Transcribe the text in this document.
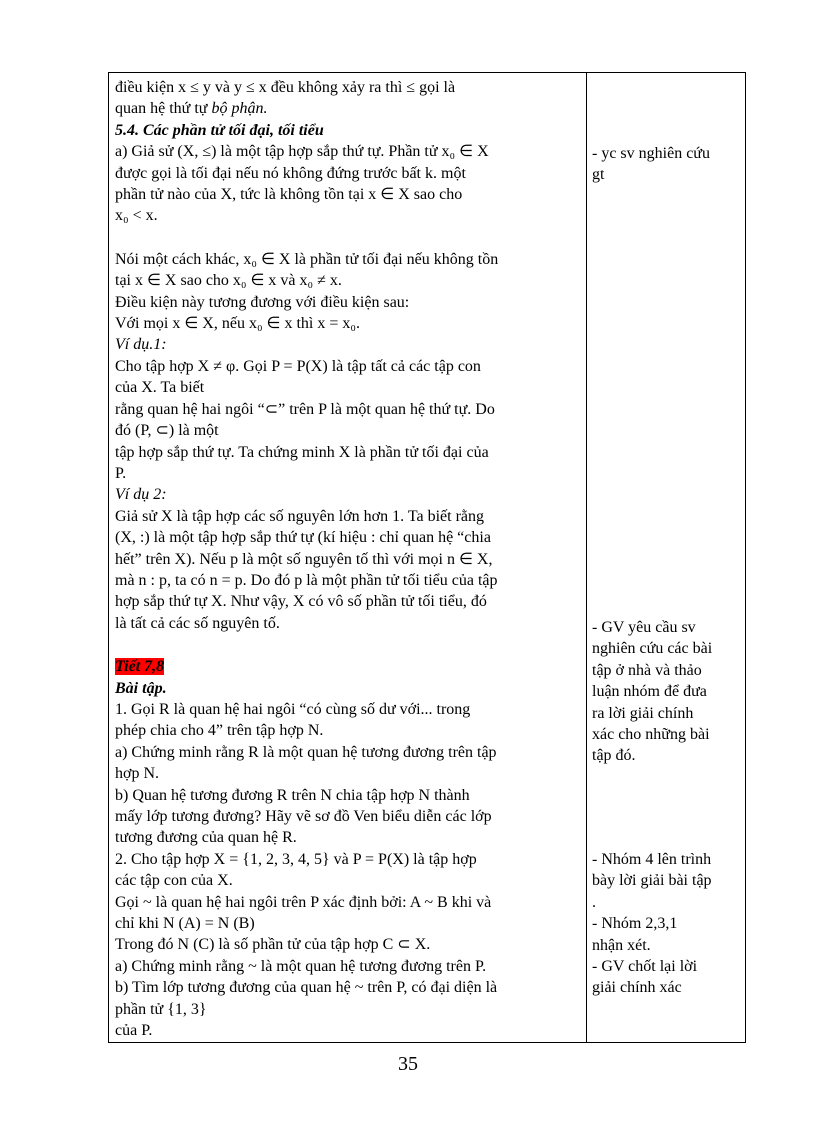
điều kiện x ≤ y và y ≤ x đều không xảy ra thì ≤ gọi là

quan hệ thứ tự bộ phận.

5.4. Các phần tử tối đại, tối tiểu

a) Giả sử (X, ≤) là một tập hợp sắp thứ tự. Phần tử x₀ ∈ X

được gọi là tối đại nếu nó không đứng trước bất k. một

phần tử nào của X, tức là không tồn tại x ∈ X sao cho

x₀ < x.

Nói một cách khác, x₀ ∈ X là phần tử tối đại nếu không tồn

tại x ∈ X sao cho x₀ ∈ x và x₀ ≠ x.

Điều kiện này tương đương với điều kiện sau:

Với mọi x ∈ X, nếu x₀ ∈ x thì x = x₀.

Ví dụ.1:

Cho tập hợp X ≠ φ. Gọi P = P(X) là tập tất cả các tập con

của X. Ta biết

rằng quan hệ hai ngôi “⊂” trên P là một quan hệ thứ tự. Do

đó (P, ⊂) là một

tập hợp sắp thứ tự. Ta chứng minh X là phần tử tối đại của

P.

Ví dụ 2:

Giả sử X là tập hợp các số nguyên lớn hơn 1. Ta biết rằng

(X, :) là một tập hợp sắp thứ tự (kí hiệu : chỉ quan hệ “chia

hết” trên X). Nếu p là một số nguyên tố thì với mọi n ∈ X,

mà n : p, ta có n = p. Do đó p là một phần tử tối tiểu của tập

hợp sắp thứ tự X. Như vậy, X có vô số phần tử tối tiểu, đó

là tất cả các số nguyên tố.

Tiết 7,8

Bài tập.

1. Gọi R là quan hệ hai ngôi “có cùng số dư với... trong

phép chia cho 4” trên tập hợp N.

a) Chứng minh rằng R là một quan hệ tương đương trên tập

hợp N.

b) Quan hệ tương đương R trên N chia tập hợp N thành

mấy lớp tương đương? Hãy vẽ sơ đồ Ven biểu diễn các lớp

tương đương của quan hệ R.

2. Cho tập hợp X = {1, 2, 3, 4, 5} và P = P(X) là tập hợp

các tập con của X.

Gọi ~ là quan hệ hai ngôi trên P xác định bởi: A ~ B khi và

chỉ khi N (A) = N (B)

Trong đó N (C) là số phần tử của tập hợp C ⊂ X.

a) Chứng minh rằng ~ là một quan hệ tương đương trên P.

b) Tìm lớp tương đương của quan hệ ~ trên P, có đại diện là

phần tử {1, 3}

của P.

- yc sv nghiên cứu

gt

- GV yêu cầu sv

nghiên cứu các bài

tập ở nhà và thảo

luận nhóm để đưa

ra lời giải chính

xác cho những bài

tập đó.

- Nhóm 4 lên trình

bày lời giải bài tập

.

- Nhóm 2,3,1

nhận xét.

- GV chốt lại lời

giải chính xác

35
